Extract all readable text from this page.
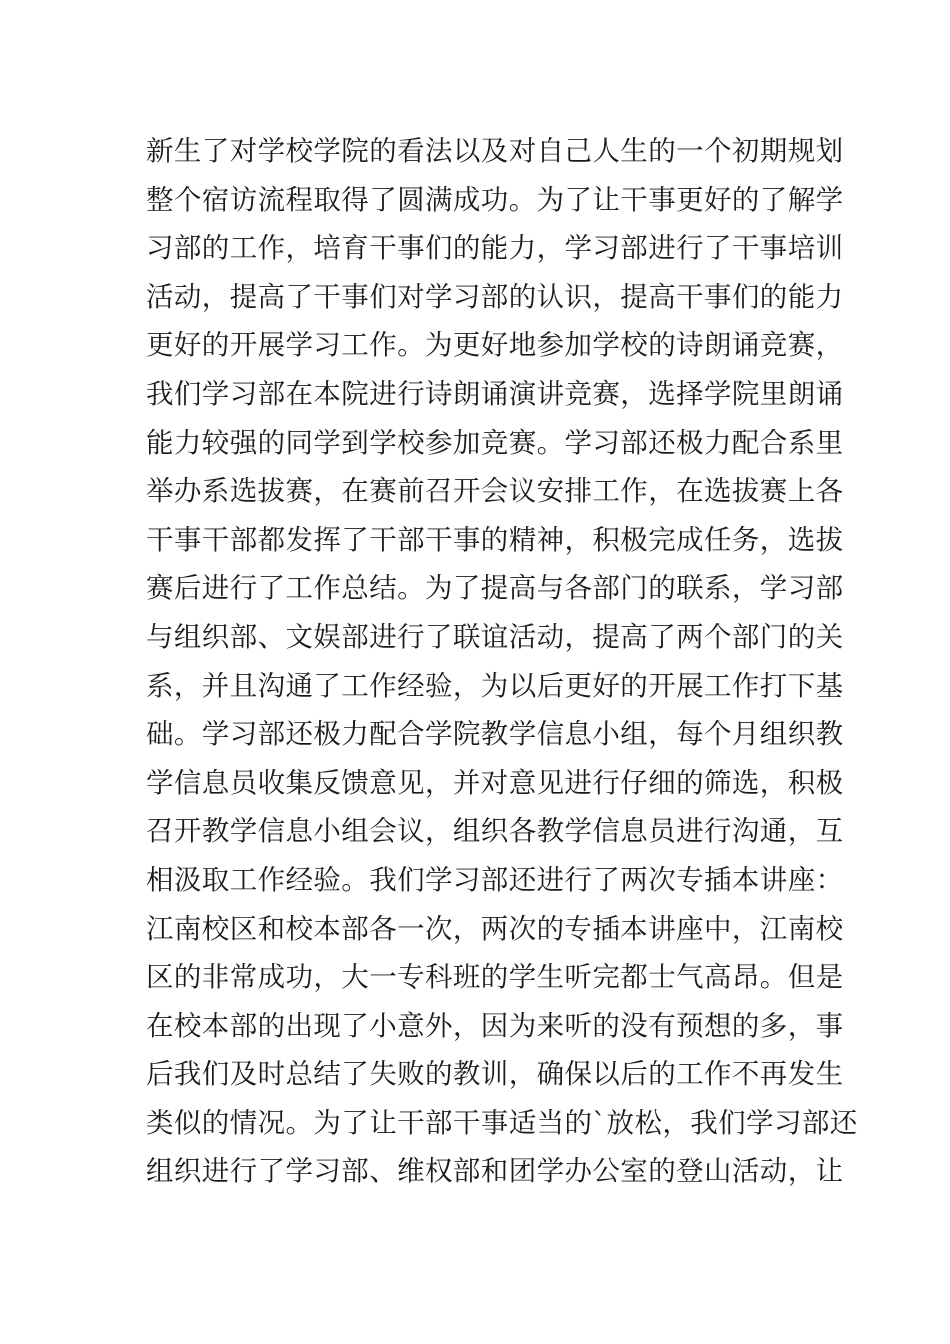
新生了对学校学院的看法以及对自己人生的一个初期规划
整个宿访流程取得了圆满成功。为了让干事更好的了解学
习部的工作，培育干事们的能力，学习部进行了干事培训
活动，提高了干事们对学习部的认识，提高干事们的能力
更好的开展学习工作。为更好地参加学校的诗朗诵竞赛，
我们学习部在本院进行诗朗诵演讲竞赛，选择学院里朗诵
能力较强的同学到学校参加竞赛。学习部还极力配合系里
举办系选拔赛，在赛前召开会议安排工作，在选拔赛上各
干事干部都发挥了干部干事的精神，积极完成任务，选拔
赛后进行了工作总结。为了提高与各部门的联系，学习部
与组织部、文娱部进行了联谊活动，提高了两个部门的关
系，并且沟通了工作经验，为以后更好的开展工作打下基
础。学习部还极力配合学院教学信息小组，每个月组织教
学信息员收集反馈意见，并对意见进行仔细的筛选，积极
召开教学信息小组会议，组织各教学信息员进行沟通，互
相汲取工作经验。我们学习部还进行了两次专插本讲座：
江南校区和校本部各一次，两次的专插本讲座中，江南校
区的非常成功，大一专科班的学生听完都士气高昂。但是
在校本部的出现了小意外，因为来听的没有预想的多，事
后我们及时总结了失败的教训，确保以后的工作不再发生
类似的情况。为了让干部干事适当的`放松，我们学习部还
组织进行了学习部、维权部和团学办公室的登山活动，让
